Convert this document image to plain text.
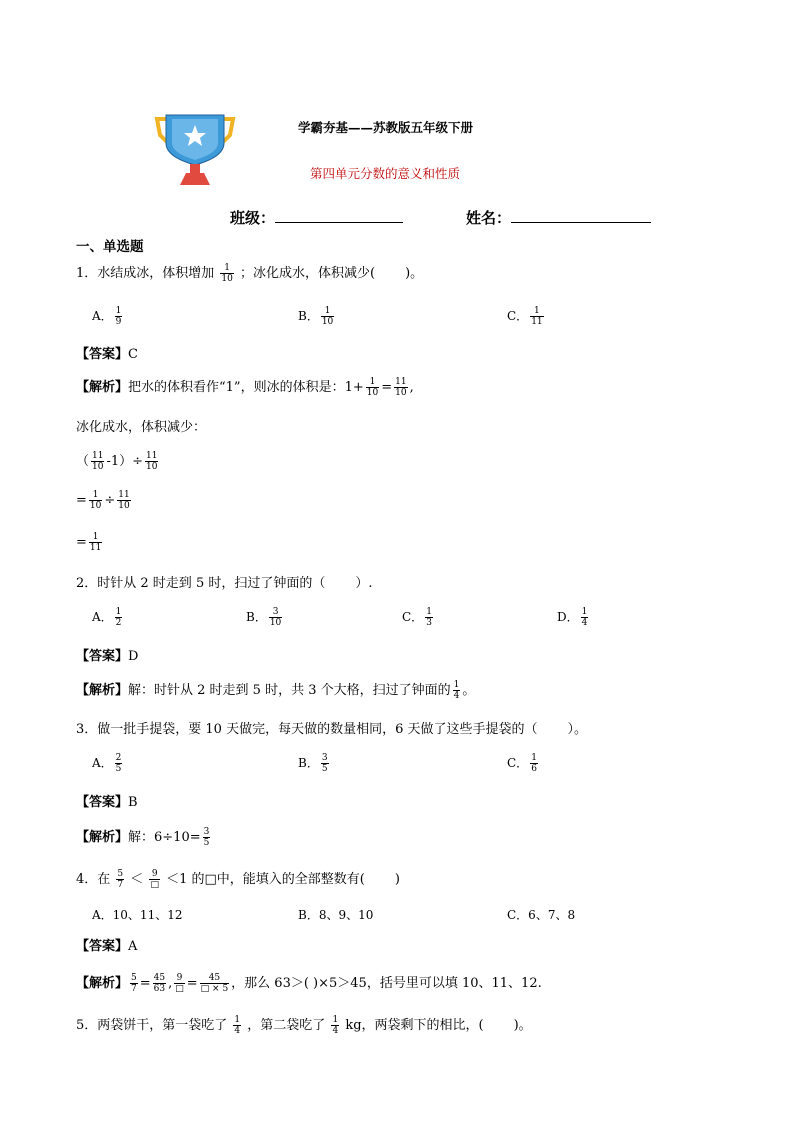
学霸夯基——苏教版五年级下册
第四单元分数的意义和性质
班级：	姓名：
一、单选题
1．水结成冰，体积增加 $\frac{1}{10}$ ；冰化成水，体积减少( )。
A． $\frac{1}{9}$	B． $\frac{1}{10}$	C． $\frac{1}{11}$
【答案】C
【解析】把水的体积看作“1”，则冰的体积是：$1+ \frac{1}{10} = \frac{11}{10}$ ,
冰化成水，体积减少：
（ $\frac{11}{10} -1)\div \frac{11}{10}$
= $\frac{1}{10} \div \frac{11}{10}$
= $\frac{1}{11}$
2．时针从 2 时走到 5 时，扫过了钟面的（ ）.
A． $\frac{1}{2}$	B． $\frac{3}{10}$	C． $\frac{1}{3}$	D． $\frac{1}{4}$
【答案】D
【解析】解：时针从 2 时走到 5 时，共 3 个大格，扫过了钟面的 $\frac{1}{4}$ 。
3．做一批手提袋，要 10 天做完，每天做的数量相同，6 天做了这些手提袋的（ ）。
A． $\frac{2}{5}$	B． $\frac{3}{5}$	C． $\frac{1}{6}$
【答案】B
【解析】解：$6\div 10= \frac{3}{5}$
4．在 $\frac{5}{7} < \frac{9}{□} <1$ 的□中，能填入的全部整数有( )
A．10、11、12	B．8、9、10	C．6、7、8
【答案】A
【解析】 $\frac{5}{7} = \frac{45}{63}$ , $\frac{9}{□} = \frac{45}{□ \times 5}$ ，那么 63＞( )×5＞45，括号里可以填 10、11、12.
5．两袋饼干，第一袋吃了 $\frac{1}{4}$ ，第二袋吃了 $\frac{1}{4}$ kg，两袋剩下的相比，( )。
